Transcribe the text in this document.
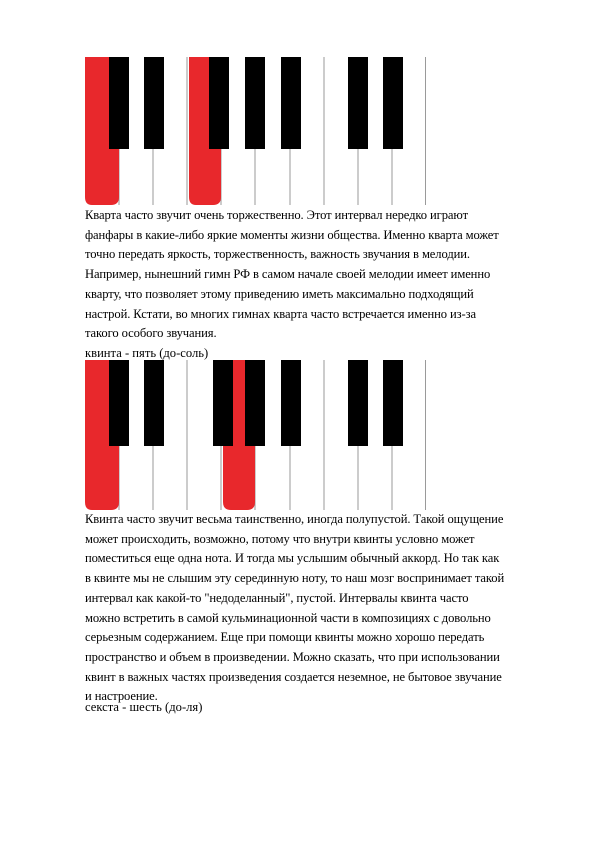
Кварта часто звучит очень торжественно. Этот интервал нередко играют
фанфары в какие-либо яркие моменты жизни общества. Именно кварта может
точно передать яркость, торжественность, важность звучания в мелодии.
Например, нынешний гимн РФ в самом начале своей мелодии имеет именно
кварту, что позволяет этому приведению иметь максимально подходящий
настрой. Кстати, во многих гимнах кварта часто встречается именно из-за
такого особого звучания.

квинта - пять (до-соль)

Квинта часто звучит весьма таинственно, иногда полупустой. Такой ощущение
может происходить, возможно, потому что внутри квинты условно может
поместиться еще одна нота. И тогда мы услышим обычный аккорд. Но так как
в квинте мы не слышим эту серединную ноту, то наш мозг воспринимает такой
интервал как какой-то "недоделанный", пустой. Интервалы квинта часто
можно встретить в самой кульминационной части в композициях с довольно
серьезным содержанием. Еще при помощи квинты можно хорошо передать
пространство и объем в произведении. Можно сказать, что при использовании
квинт в важных частях произведения создается неземное, не бытовое звучание
и настроение.

секста - шесть (до-ля)
